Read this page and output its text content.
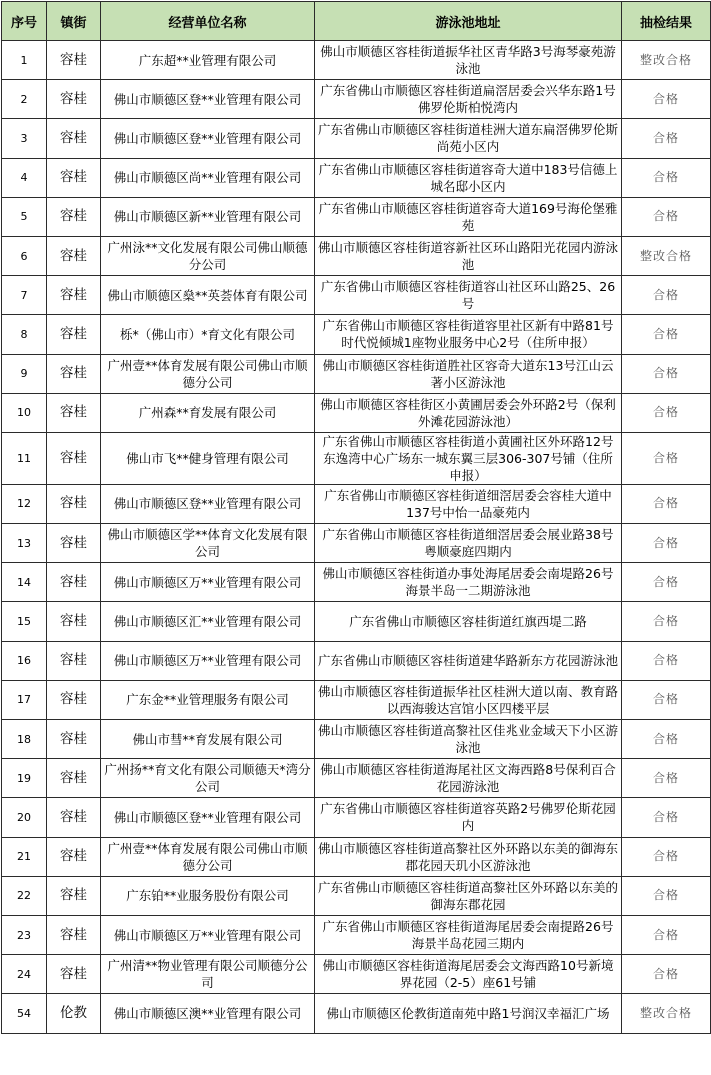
序号	镇街	经营单位名称	游泳池地址	抽检结果
1	容桂	广东超**业管理有限公司	佛山市顺德区容桂街道振华社区青华路3号海琴豪苑游泳池	整改合格
2	容桂	佛山市顺德区登**业管理有限公司	广东省佛山市顺德区容桂街道扁滘居委会兴华东路1号佛罗伦斯柏悦湾内	合格
3	容桂	佛山市顺德区登**业管理有限公司	广东省佛山市顺德区容桂街道桂洲大道东扁滘佛罗伦斯尚苑小区内	合格
4	容桂	佛山市顺德区尚**业管理有限公司	广东省佛山市顺德区容桂街道容奇大道中183号信德上城名邸小区内	合格
5	容桂	佛山市顺德区新**业管理有限公司	广东省佛山市顺德区容桂街道容奇大道169号海伦堡雅苑	合格
6	容桂	广州泳**文化发展有限公司佛山顺德分公司	佛山市顺德区容桂街道容新社区环山路阳光花园内游泳池	整改合格
7	容桂	佛山市顺德区燊**英荟体育有限公司	广东省佛山市顺德区容桂街道容山社区环山路25、26号	合格
8	容桂	栎*（佛山市）*育文化有限公司	广东省佛山市顺德区容桂街道容里社区新有中路81号时代悦倾城1座物业服务中心2号（住所申报）	合格
9	容桂	广州壹**体育发展有限公司佛山市顺德分公司	佛山市顺德区容桂街道胜社区容奇大道东13号江山云著小区游泳池	合格
10	容桂	广州森**育发展有限公司	佛山市顺德区容桂街区小黄圃居委会外环路2号（保利外滩花园游泳池）	合格
11	容桂	佛山市飞**健身管理有限公司	广东省佛山市顺德区容桂街道小黄圃社区外环路12号东逸湾中心广场东一城东翼三层306-307号铺（住所申报）	合格
12	容桂	佛山市顺德区登**业管理有限公司	广东省佛山市顺德区容桂街道细滘居委会容桂大道中137号中怡一品豪苑内	合格
13	容桂	佛山市顺德区学**体育文化发展有限公司	广东省佛山市顺德区容桂街道细滘居委会展业路38号粤顺豪庭四期内	合格
14	容桂	佛山市顺德区万**业管理有限公司	佛山市顺德区容桂街道办事处海尾居委会南堤路26号海景半岛一二期游泳池	合格
15	容桂	佛山市顺德区汇**业管理有限公司	广东省佛山市顺德区容桂街道红旗西堤二路	合格
16	容桂	佛山市顺德区万**业管理有限公司	广东省佛山市顺德区容桂街道建华路新东方花园游泳池	合格
17	容桂	广东金**业管理服务有限公司	佛山市顺德区容桂街道振华社区桂洲大道以南、教育路以西海骏达宫馆小区四楼平层	合格
18	容桂	佛山市彗**育发展有限公司	佛山市顺德区容桂街道高黎社区佳兆业金域天下小区游泳池	合格
19	容桂	广州扬**育文化有限公司顺德天*湾分公司	佛山市顺德区容桂街道海尾社区文海西路8号保利百合花园游泳池	合格
20	容桂	佛山市顺德区登**业管理有限公司	广东省佛山市顺德区容桂街道容英路2号佛罗伦斯花园内	合格
21	容桂	广州壹**体育发展有限公司佛山市顺德分公司	佛山市顺德区容桂街道高黎社区外环路以东美的御海东郡花园天玑小区游泳池	合格
22	容桂	广东铂**业服务股份有限公司	广东省佛山市顺德区容桂街道高黎社区外环路以东美的御海东郡花园	合格
23	容桂	佛山市顺德区万**业管理有限公司	广东省佛山市顺德区容桂街道海尾居委会南提路26号海景半岛花园三期内	合格
24	容桂	广州清**物业管理有限公司顺德分公司	佛山市顺德区容桂街道海尾居委会文海西路10号新境界花园（2-5）座61号铺	合格
54	伦教	佛山市顺德区澳**业管理有限公司	佛山市顺德区伦教街道南苑中路1号润汉幸福汇广场	整改合格
